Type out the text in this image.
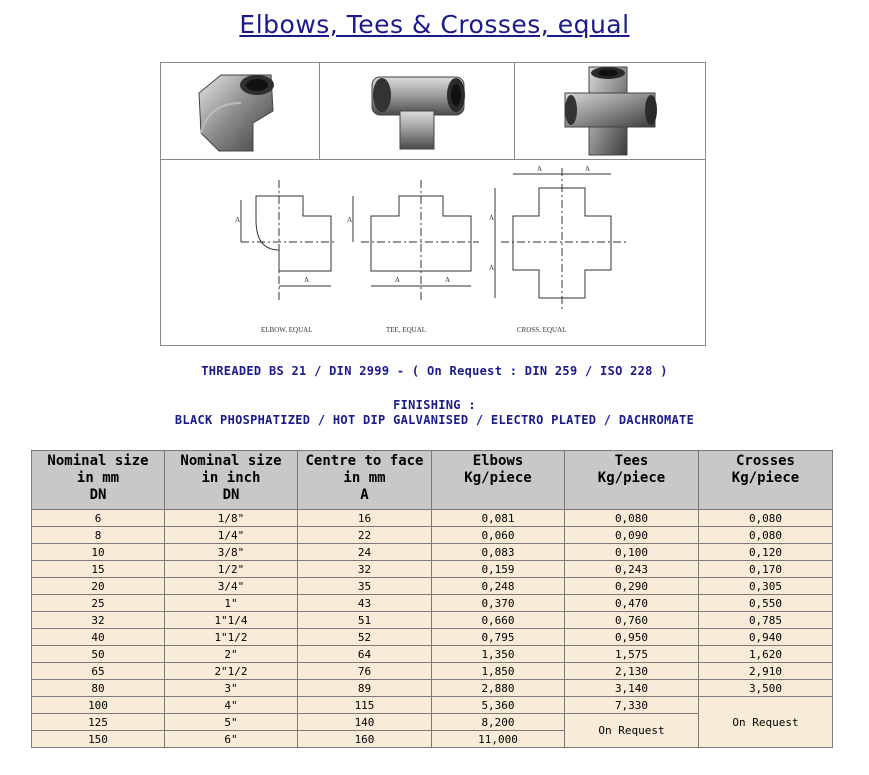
Elbows, Tees & Crosses, equal
A
A
A
A	A
A	A
A
A
ELBOW, EQUAL	TEE, EQUAL	CROSS, EQUAL
THREADED BS 21 / DIN 2999 - ( On Request : DIN 259 / ISO 228 )
FINISHING :
BLACK PHOSPHATIZED / HOT DIP GALVANISED / ELECTRO PLATED / DACHROMATE
Nominal size
in mm
DN	Nominal size
in inch
DN	Centre to face
in mm
A	Elbows
Kg/piece	Tees
Kg/piece	Crosses
Kg/piece

6	1/8"	16	0,081	0,080	0,080
8	1/4"	22	0,060	0,090	0,080
10	3/8"	24	0,083	0,100	0,120
15	1/2"	32	0,159	0,243	0,170
20	3/4"	35	0,248	0,290	0,305
25	1"	43	0,370	0,470	0,550
32	1"1/4	51	0,660	0,760	0,785
40	1"1/2	52	0,795	0,950	0,940
50	2"	64	1,350	1,575	1,620
65	2"1/2	76	1,850	2,130	2,910
80	3"	89	2,880	3,140	3,500
100	4"	115	5,360	7,330	On Request
125	5"	140	8,200	On Request	
150	6"	160	11,000		
